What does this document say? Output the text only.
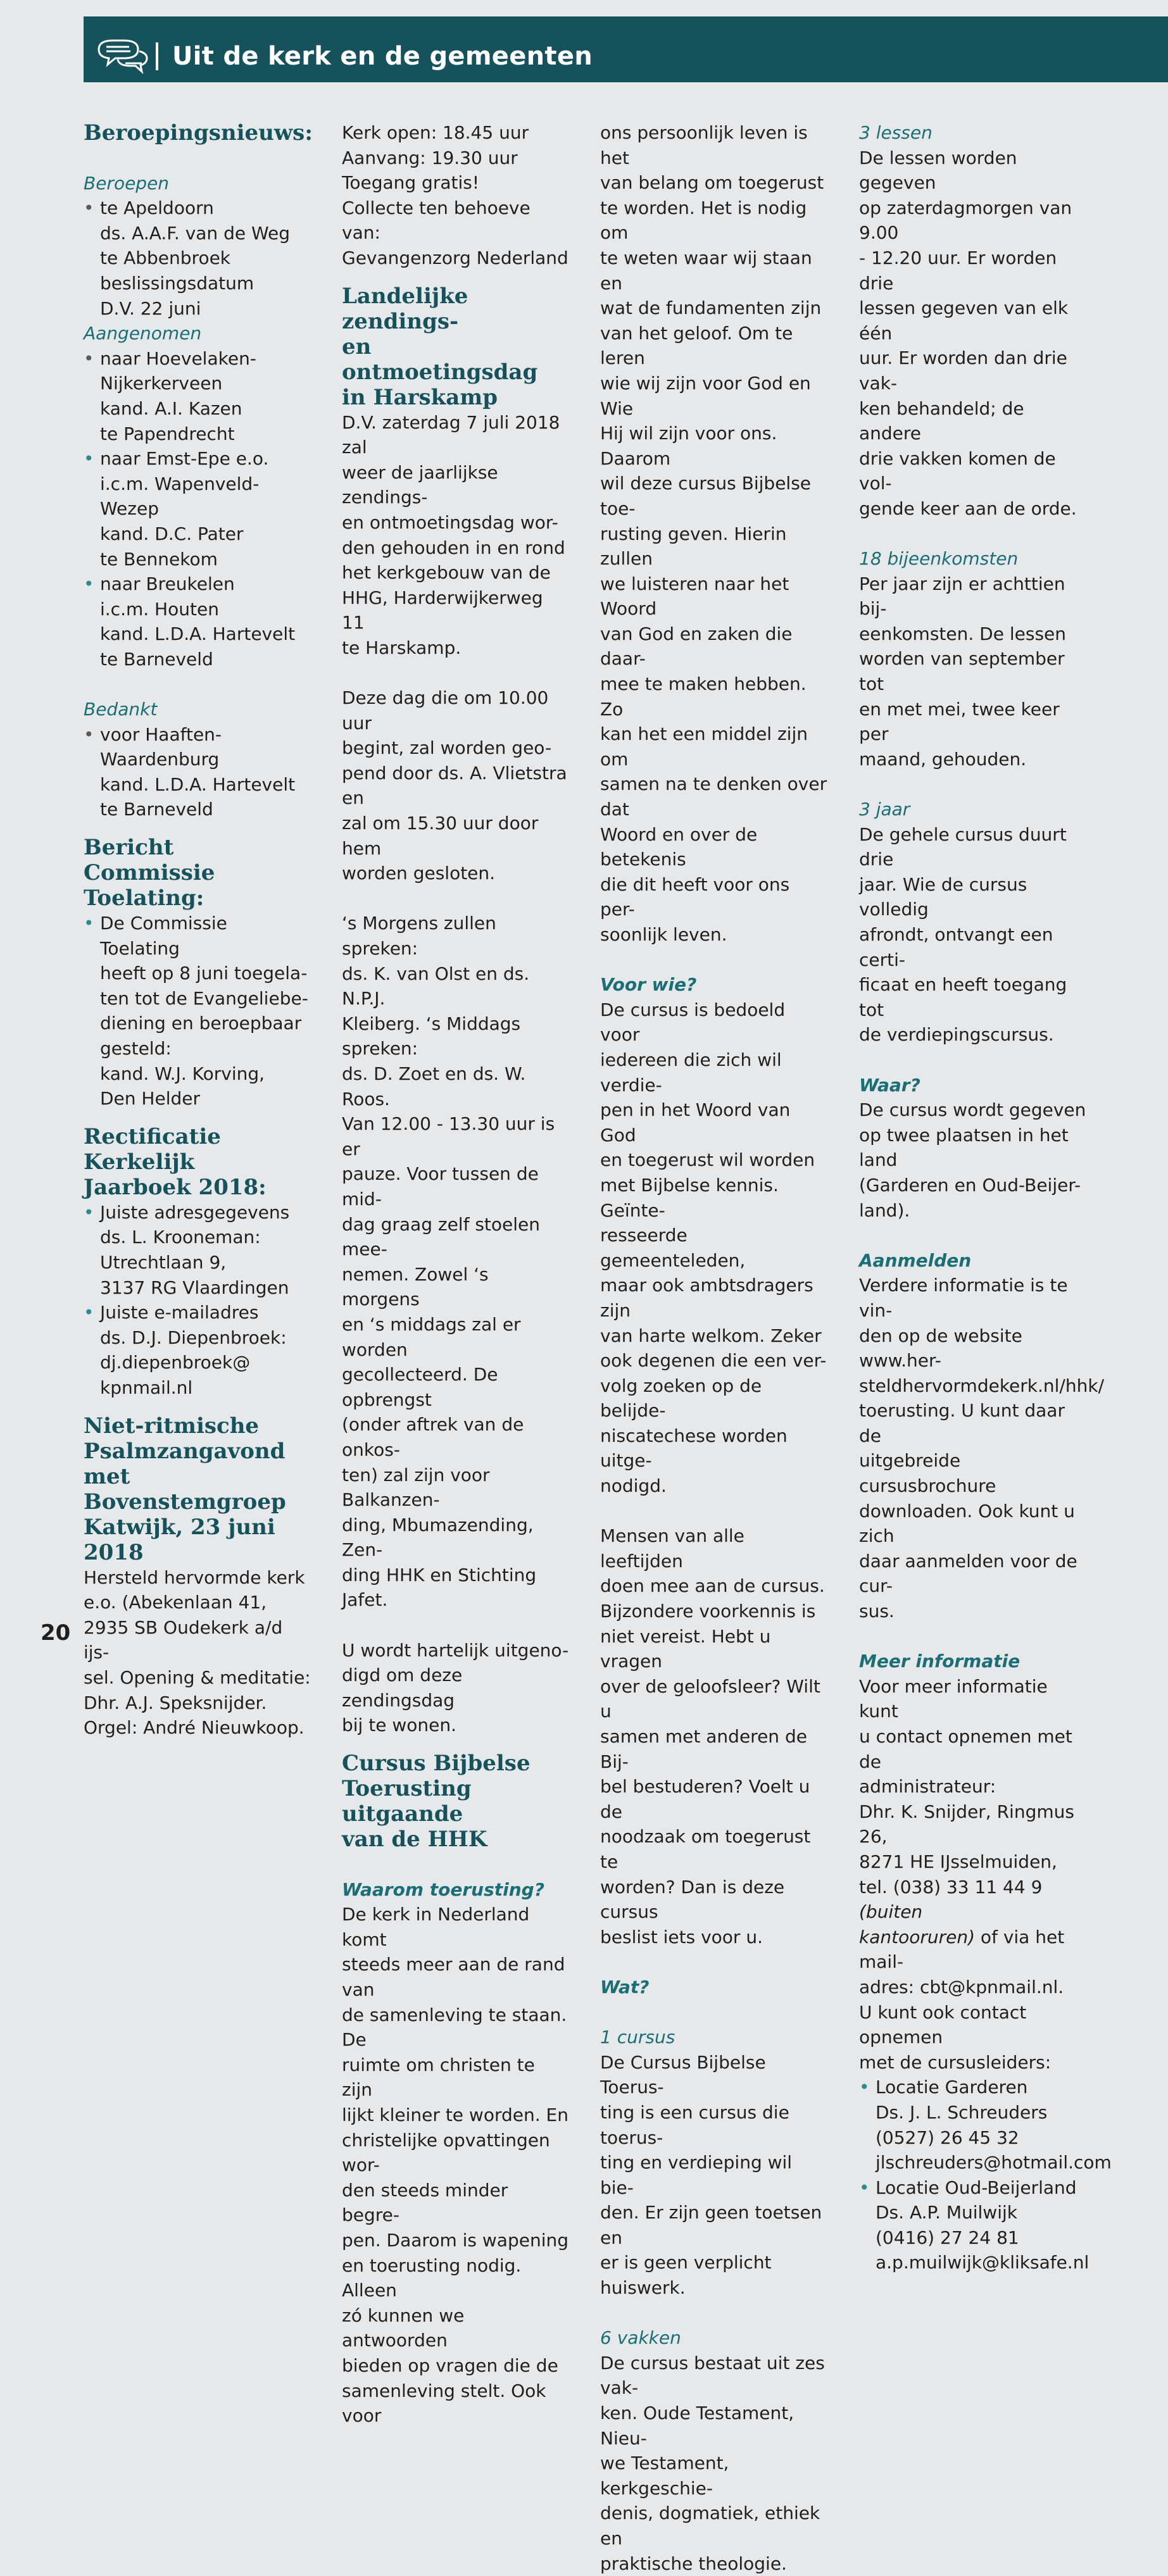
Uit de kerk en de gemeenten

Beroepingsnieuws:

Beroepen

• te Apeldoorn
ds. A.A.F. van de Weg
te Abbenbroek
beslissingsdatum
D.V. 22 juni

Aangenomen

• naar Hoevelaken-
Nijkerkerveen
kand. A.I. Kazen
te Papendrecht
• naar Emst-Epe e.o.
i.c.m. Wapenveld-Wezep
kand. D.C. Pater
te Bennekom
• naar Breukelen
i.c.m. Houten
kand. L.D.A. Hartevelt
te Barneveld

Bedankt

• voor Haaften-
Waardenburg
kand. L.D.A. Hartevelt
te Barneveld

Bericht Commissie
Toelating:

• De Commissie Toelating
heeft op 8 juni toegela-
ten tot de Evangeliebe-
diening en beroepbaar
gesteld:
kand. W.J. Korving,
Den Helder

Rectificatie Kerkelijk
Jaarboek 2018:

• Juiste adresgegevens
ds. L. Krooneman:
Utrechtlaan 9,
3137 RG Vlaardingen
• Juiste e-mailadres
ds. D.J. Diepenbroek:
dj.diepenbroek@
kpnmail.nl

Niet-ritmische
Psalmzangavond
met Bovenstemgroep
Katwijk, 23 juni 2018

Hersteld hervormde kerk
e.o. (Abekenlaan 41,
2935 SB Oudekerk a/d ijs-
sel. Opening & meditatie:
Dhr. A.J. Speksnijder.
Orgel: André Nieuwkoop.

Kerk open: 18.45 uur
Aanvang: 19.30 uur
Toegang gratis!
Collecte ten behoeve van:
Gevangenzorg Nederland

Landelijke zendings-
en ontmoetingsdag
in Harskamp

D.V. zaterdag 7 juli 2018 zal
weer de jaarlijkse zendings-
en ontmoetingsdag wor-
den gehouden in en rond
het kerkgebouw van de
HHG, Harderwijkerweg 11
te Harskamp.

Deze dag die om 10.00 uur
begint, zal worden geo-
pend door ds. A. Vlietstra en
zal om 15.30 uur door hem
worden gesloten.

‘s Morgens zullen spreken:
ds. K. van Olst en ds. N.P.J.
Kleiberg. ‘s Middags spreken:
ds. D. Zoet en ds. W. Roos.
Van 12.00 - 13.30 uur is er
pauze. Voor tussen de mid-
dag graag zelf stoelen mee-
nemen. Zowel ‘s morgens
en ‘s middags zal er worden
gecollecteerd. De opbrengst
(onder aftrek van de onkos-
ten) zal zijn voor Balkanzen-
ding, Mbumazending, Zen-
ding HHK en Stichting Jafet.

U wordt hartelijk uitgeno-
digd om deze zendingsdag
bij te wonen.

Cursus Bijbelse
Toerusting uitgaande
van de HHK

Waarom toerusting?

De kerk in Nederland komt
steeds meer aan de rand van
de samenleving te staan. De
ruimte om christen te zijn
lijkt kleiner te worden. En
christelijke opvattingen wor-
den steeds minder begre-
pen. Daarom is wapening
en toerusting nodig. Alleen
zó kunnen we antwoorden
bieden op vragen die de
samenleving stelt. Ook voor

ons persoonlijk leven is het
van belang om toegerust
te worden. Het is nodig om
te weten waar wij staan en
wat de fundamenten zijn
van het geloof. Om te leren
wie wij zijn voor God en Wie
Hij wil zijn voor ons. Daarom
wil deze cursus Bijbelse toe-
rusting geven. Hierin zullen
we luisteren naar het Woord
van God en zaken die daar-
mee te maken hebben. Zo
kan het een middel zijn om
samen na te denken over dat
Woord en over de betekenis
die dit heeft voor ons per-
soonlijk leven.

Voor wie?

De cursus is bedoeld voor
iedereen die zich wil verdie-
pen in het Woord van God
en toegerust wil worden
met Bijbelse kennis. Geïnte-
resseerde gemeenteleden,
maar ook ambtsdragers zijn
van harte welkom. Zeker
ook degenen die een ver-
volg zoeken op de belijde-
niscatechese worden uitge-
nodigd.

Mensen van alle leeftijden
doen mee aan de cursus.
Bijzondere voorkennis is
niet vereist. Hebt u vragen
over de geloofsleer? Wilt u
samen met anderen de Bij-
bel bestuderen? Voelt u de
noodzaak om toegerust te
worden? Dan is deze cursus
beslist iets voor u.

Wat?

1 cursus

De Cursus Bijbelse Toerus-
ting is een cursus die toerus-
ting en verdieping wil bie-
den. Er zijn geen toetsen en
er is geen verplicht huiswerk.

6 vakken

De cursus bestaat uit zes vak-
ken. Oude Testament, Nieu-
we Testament, kerkgeschie-
denis, dogmatiek, ethiek en
praktische theologie.

3 lessen

De lessen worden gegeven
op zaterdagmorgen van 9.00
- 12.20 uur. Er worden drie
lessen gegeven van elk één
uur. Er worden dan drie vak-
ken behandeld; de andere
drie vakken komen de vol-
gende keer aan de orde.

18 bijeenkomsten

Per jaar zijn er achttien bij-
eenkomsten. De lessen
worden van september tot
en met mei, twee keer per
maand, gehouden.

3 jaar

De gehele cursus duurt drie
jaar. Wie de cursus volledig
afrondt, ontvangt een certi-
ficaat en heeft toegang tot
de verdiepingscursus.

Waar?

De cursus wordt gegeven
op twee plaatsen in het land
(Garderen en Oud-Beijer-
land).

Aanmelden

Verdere informatie is te vin-
den op de website www.her-
steldhervormdekerk.nl/hhk/
toerusting. U kunt daar de
uitgebreide cursusbrochure
downloaden. Ook kunt u zich
daar aanmelden voor de cur-
sus.

Meer informatie

Voor meer informatie kunt
u contact opnemen met de
administrateur:
Dhr. K. Snijder, Ringmus 26,
8271 HE IJsselmuiden,
tel. (038) 33 11 44 9 (buiten
kantooruren) of via het mail-
adres: cbt@kpnmail.nl.
U kunt ook contact opnemen
met de cursusleiders:

• Locatie Garderen
Ds. J. L. Schreuders
(0527) 26 45 32
jlschreuders@hotmail.com
• Locatie Oud-Beijerland
Ds. A.P. Muilwijk
(0416) 27 24 81
a.p.muilwijk@kliksafe.nl
20
